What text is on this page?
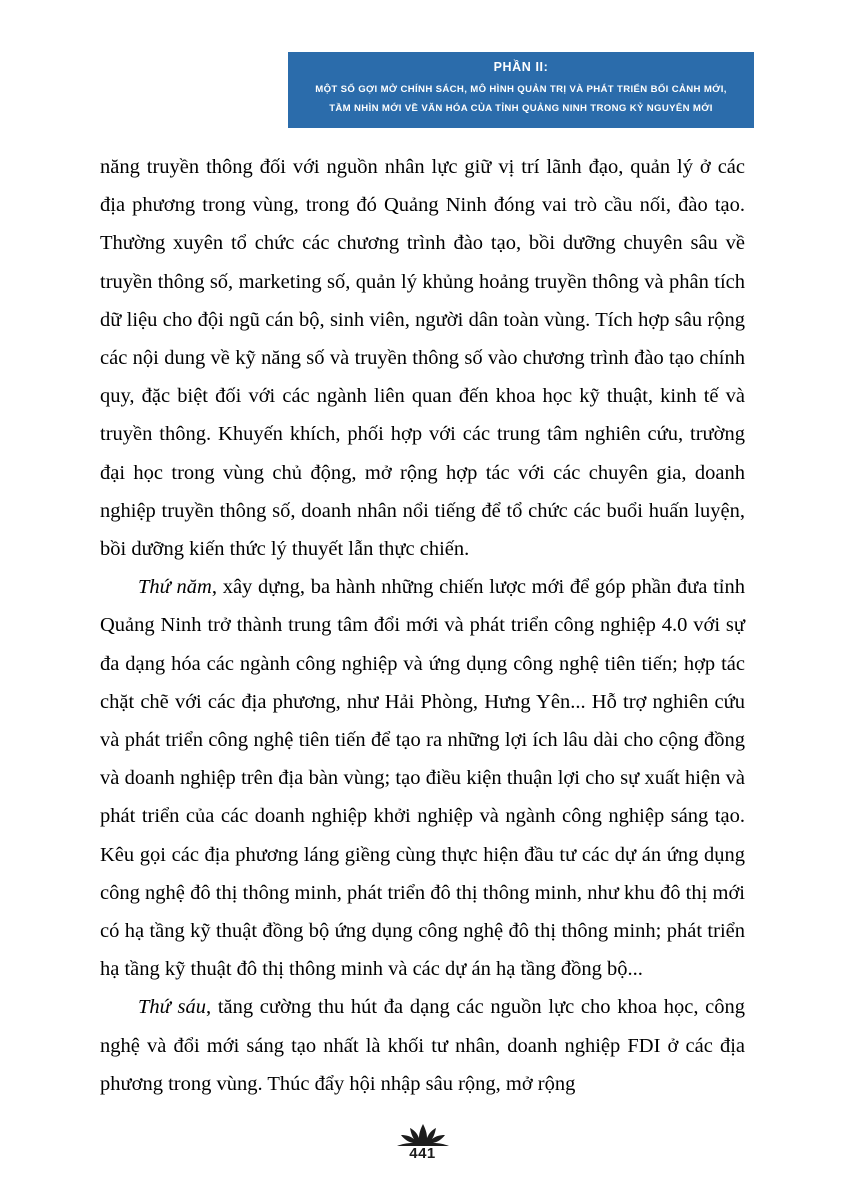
PHẦN II:
MỘT SỐ GỢI MỞ CHÍNH SÁCH, MÔ HÌNH QUẢN TRỊ VÀ PHÁT TRIỂN BỐI CẢNH MỚI,
TẦM NHÌN MỚI VỀ VĂN HÓA CỦA TỈNH QUẢNG NINH TRONG KỶ NGUYÊN MỚI

năng truyền thông đối với nguồn nhân lực giữ vị trí lãnh đạo, quản lý ở các địa phương trong vùng, trong đó Quảng Ninh đóng vai trò cầu nối, đào tạo. Thường xuyên tổ chức các chương trình đào tạo, bồi dưỡng chuyên sâu về truyền thông số, marketing số, quản lý khủng hoảng truyền thông và phân tích dữ liệu cho đội ngũ cán bộ, sinh viên, người dân toàn vùng. Tích hợp sâu rộng các nội dung về kỹ năng số và truyền thông số vào chương trình đào tạo chính quy, đặc biệt đối với các ngành liên quan đến khoa học kỹ thuật, kinh tế và truyền thông. Khuyến khích, phối hợp với các trung tâm nghiên cứu, trường đại học trong vùng chủ động, mở rộng hợp tác với các chuyên gia, doanh nghiệp truyền thông số, doanh nhân nổi tiếng để tổ chức các buổi huấn luyện, bồi dưỡng kiến thức lý thuyết lẫn thực chiến.

Thứ năm, xây dựng, ba hành những chiến lược mới để góp phần đưa tỉnh Quảng Ninh trở thành trung tâm đổi mới và phát triển công nghiệp 4.0 với sự đa dạng hóa các ngành công nghiệp và ứng dụng công nghệ tiên tiến; hợp tác chặt chẽ với các địa phương, như Hải Phòng, Hưng Yên... Hỗ trợ nghiên cứu và phát triển công nghệ tiên tiến để tạo ra những lợi ích lâu dài cho cộng đồng và doanh nghiệp trên địa bàn vùng; tạo điều kiện thuận lợi cho sự xuất hiện và phát triển của các doanh nghiệp khởi nghiệp và ngành công nghiệp sáng tạo. Kêu gọi các địa phương láng giềng cùng thực hiện đầu tư các dự án ứng dụng công nghệ đô thị thông minh, phát triển đô thị thông minh, như khu đô thị mới có hạ tầng kỹ thuật đồng bộ ứng dụng công nghệ đô thị thông minh; phát triển hạ tầng kỹ thuật đô thị thông minh và các dự án hạ tầng đồng bộ...

Thứ sáu, tăng cường thu hút đa dạng các nguồn lực cho khoa học, công nghệ và đổi mới sáng tạo nhất là khối tư nhân, doanh nghiệp FDI ở các địa phương trong vùng. Thúc đẩy hội nhập sâu rộng, mở rộng

441
